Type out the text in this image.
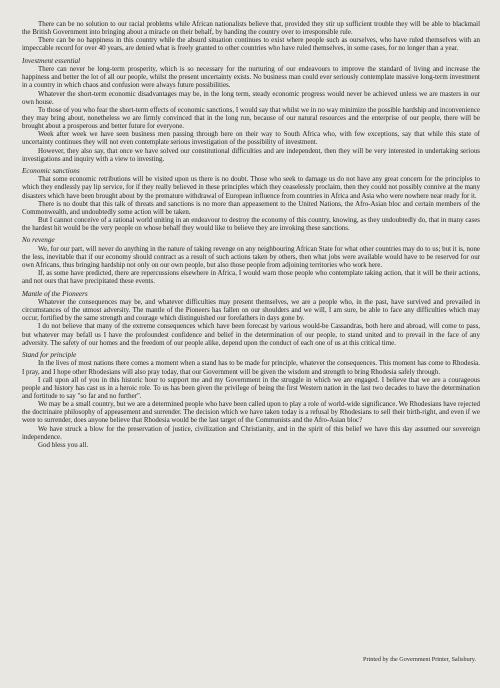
There can be no solution to our racial problems while African nationalists believe that, provided they stir up sufficient trouble they will be able to blackmail the British Government into bringing about a miracle on their behalf, by handing the country over to irresponsible rule.

There can be no happiness in this country while the absurd situation continues to exist where people such as ourselves, who have ruled themselves with an impeccable record for over 40 years, are denied what is freely granted to other countries who have ruled themselves, in some cases, for no longer than a year.

Investment essential

There can never be long-term prosperity, which is so necessary for the nurturing of our endeavours to improve the standard of living and increase the happiness and better the lot of all our people, whilst the present uncertainty exists. No business man could ever seriously contemplate massive long-term investment in a country in which chaos and confusion were always future possibilities.

Whatever the short-term economic disadvantages may be, in the long term, steady economic progress would never be achieved unless we are masters in our own house.

To those of you who fear the short-term effects of economic sanctions, I would say that whilst we in no way minimize the possible hardship and inconvenience they may bring about, nonetheless we are firmly convinced that in the long run, because of our natural resources and the enterprise of our people, there will be brought about a prosperous and better future for everyone.

Week after week we have seen business men passing through here on their way to South Africa who, with few exceptions, say that while this state of uncertainty continues they will not even contemplate serious investigation of the possibility of investment.

However, they also say, that once we have solved our constitutional difficulties and are independent, then they will be very interested in undertaking serious investigations and inquiry with a view to investing.

Economic sanctions

That some economic retributions will be visited upon us there is no doubt. Those who seek to damage us do not have any great concern for the principles to which they endlessly pay lip service, for if they really believed in these principles which they ceaselessly proclaim, then they could not possibly connive at the many disasters which have been brought about by the premature withdrawal of European influence from countries in Africa and Asia who were nowhere near ready for it.

There is no doubt that this talk of threats and sanctions is no more than appeasement to the United Nations, the Afro-Asian bloc and certain members of the Commonwealth, and undoubtedly some action will be taken.

But I cannot conceive of a rational world uniting in an endeavour to destroy the economy of this country, knowing, as they undoubtedly do, that in many cases the hardest hit would be the very people on whose behalf they would like to believe they are invoking these sanctions.

No revenge

We, for our part, will never do anything in the nature of taking revenge on any neighbouring African State for what other countries may do to us; but it is, none the less, inevitable that if our economy should contract as a result of such actions taken by others, then what jobs were available would have to be reserved for our own Africans, thus bringing hardship not only on our own people, but also those people from adjoining territories who work here.

If, as some have predicted, there are repercussions elsewhere in Africa, I would warn those people who contemplate taking action, that it will be their actions, and not ours that have precipitated these events.

Mantle of the Pioneers

Whatever the consequences may be, and whatever difficulties may present themselves, we are a people who, in the past, have survived and prevailed in circumstances of the utmost adversity. The mantle of the Pioneers has fallen on our shoulders and we will, I am sure, be able to face any difficulties which may occur, fortified by the same strength and courage which distinguished our forefathers in days gone by.

I do not believe that many of the extreme consequences which have been forecast by various would-be Cassandras, both here and abroad, will come to pass, but whatever may befall us I have the profoundest confidence and belief in the determination of our people, to stand united and to prevail in the face of any adversity. The safety of our homes and the freedom of our people alike, depend upon the conduct of each one of us at this critical time.

Stand for principle

In the lives of most nations there comes a moment when a stand has to be made for principle, whatever the consequences. This moment has come to Rhodesia. I pray, and I hope other Rhodesians will also pray today, that our Government will be given the wisdom and strength to bring Rhodesia safely through.

I call upon all of you in this historic hour to support me and my Government in the struggle in which we are engaged. I believe that we are a courageous people and history has cast us in a heroic role. To us has been given the privilege of being the first Western nation in the last two decades to have the determination and fortitude to say "so far and no further".

We may be a small country, but we are a determined people who have been called upon to play a role of world-wide significance. We Rhodesians have rejected the doctrinaire philosophy of appeasement and surrender. The decision which we have taken today is a refusal by Rhodesians to sell their birth-right, and even if we were to surrender, does anyone believe that Rhodesia would be the last target of the Communists and the Afro-Asian bloc?

We have struck a blow for the preservation of justice, civilization and Christianity, and in the spirit of this belief we have this day assumed our sovereign independence.

God bless you all.

Printed by the Government Printer, Salisbury.
